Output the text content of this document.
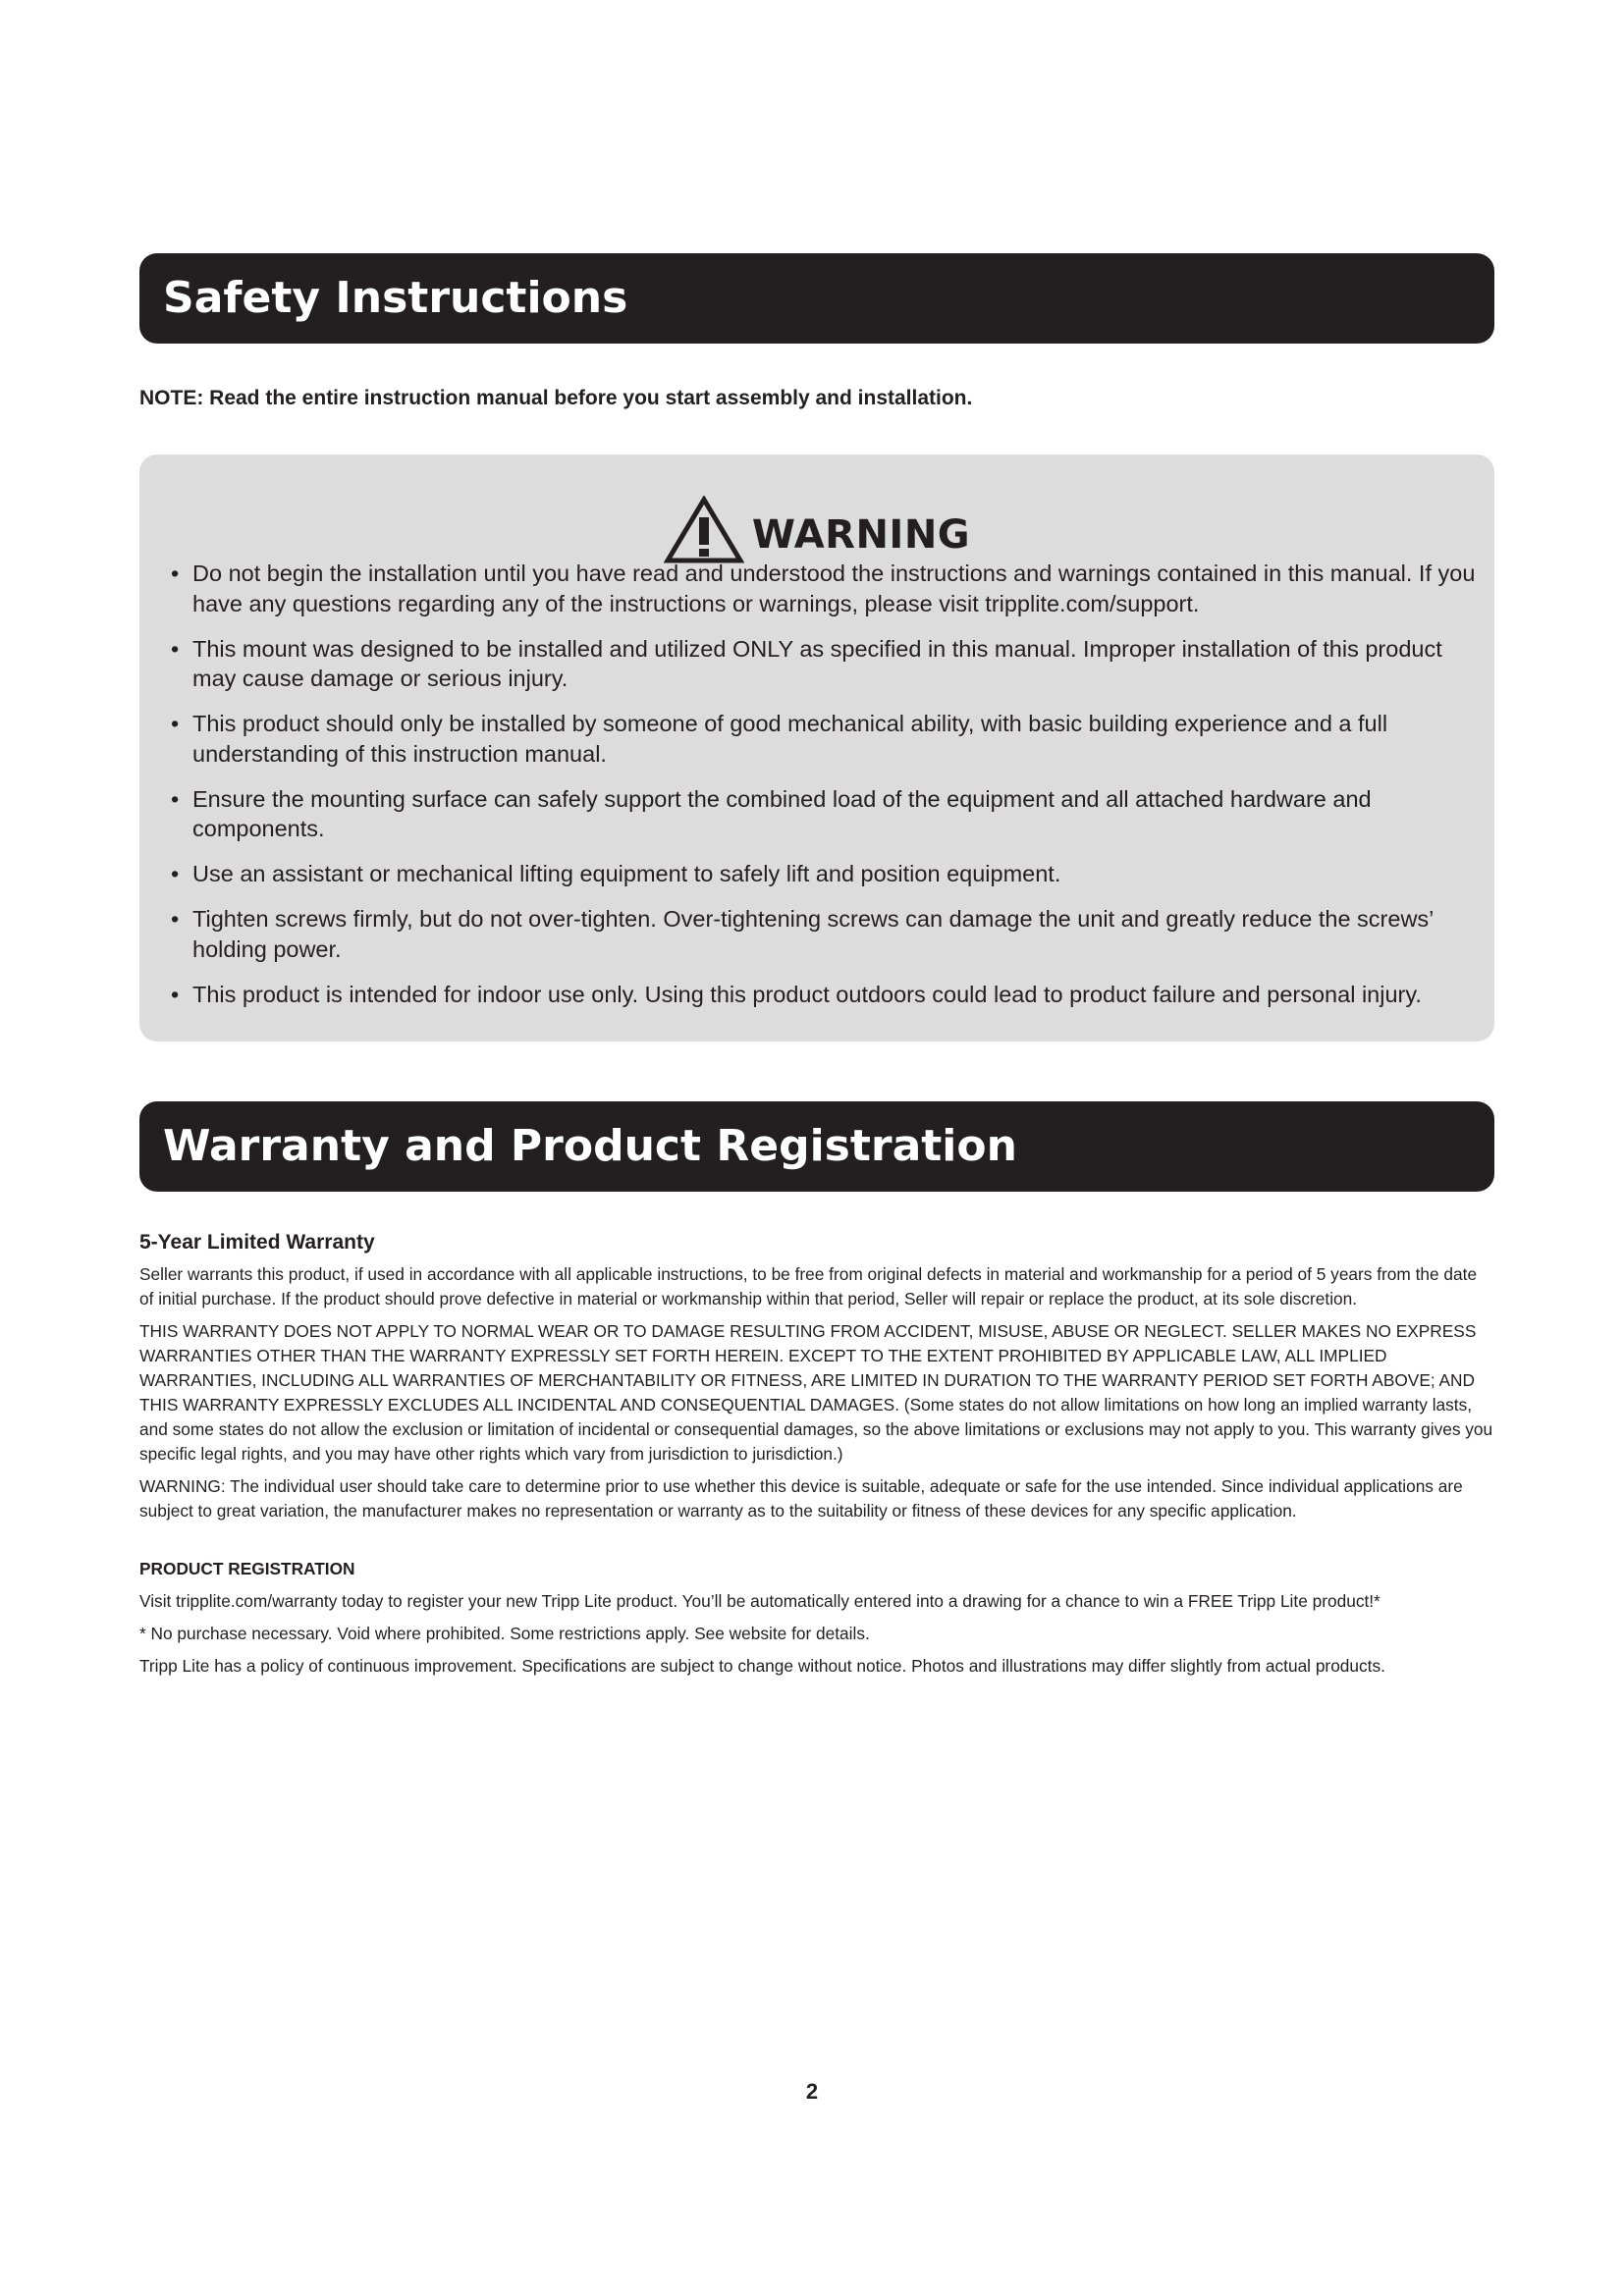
Safety Instructions
NOTE: Read the entire instruction manual before you start assembly and installation.
WARNING
• Do not begin the installation until you have read and understood the instructions and warnings contained in this manual. If you have any questions regarding any of the instructions or warnings, please visit tripplite.com/support.
• This mount was designed to be installed and utilized ONLY as specified in this manual. Improper installation of this product may cause damage or serious injury.
• This product should only be installed by someone of good mechanical ability, with basic building experience and a full understanding of this instruction manual.
• Ensure the mounting surface can safely support the combined load of the equipment and all attached hardware and components.
• Use an assistant or mechanical lifting equipment to safely lift and position equipment.
• Tighten screws firmly, but do not over-tighten. Over-tightening screws can damage the unit and greatly reduce the screws’ holding power.
• This product is intended for indoor use only. Using this product outdoors could lead to product failure and personal injury.
Warranty and Product Registration
5-Year Limited Warranty

Seller warrants this product, if used in accordance with all applicable instructions, to be free from original defects in material and workmanship for a period of 5 years from the date of initial purchase. If the product should prove defective in material or workmanship within that period, Seller will repair or replace the product, at its sole discretion.

THIS WARRANTY DOES NOT APPLY TO NORMAL WEAR OR TO DAMAGE RESULTING FROM ACCIDENT, MISUSE, ABUSE OR NEGLECT. SELLER MAKES NO EXPRESS WARRANTIES OTHER THAN THE WARRANTY EXPRESSLY SET FORTH HEREIN. EXCEPT TO THE EXTENT PROHIBITED BY APPLICABLE LAW, ALL IMPLIED WARRANTIES, INCLUDING ALL WARRANTIES OF MERCHANTABILITY OR FITNESS, ARE LIMITED IN DURATION TO THE WARRANTY PERIOD SET FORTH ABOVE; AND THIS WARRANTY EXPRESSLY EXCLUDES ALL INCIDENTAL AND CONSEQUENTIAL DAMAGES. (Some states do not allow limitations on how long an implied warranty lasts, and some states do not allow the exclusion or limitation of incidental or consequential damages, so the above limitations or exclusions may not apply to you. This warranty gives you specific legal rights, and you may have other rights which vary from jurisdiction to jurisdiction.)

WARNING: The individual user should take care to determine prior to use whether this device is suitable, adequate or safe for the use intended. Since individual applications are subject to great variation, the manufacturer makes no representation or warranty as to the suitability or fitness of these devices for any specific application.

PRODUCT REGISTRATION

Visit tripplite.com/warranty today to register your new Tripp Lite product. You’ll be automatically entered into a drawing for a chance to win a FREE Tripp Lite product!*

* No purchase necessary. Void where prohibited. Some restrictions apply. See website for details.

Tripp Lite has a policy of continuous improvement. Specifications are subject to change without notice. Photos and illustrations may differ slightly from actual products.

2
